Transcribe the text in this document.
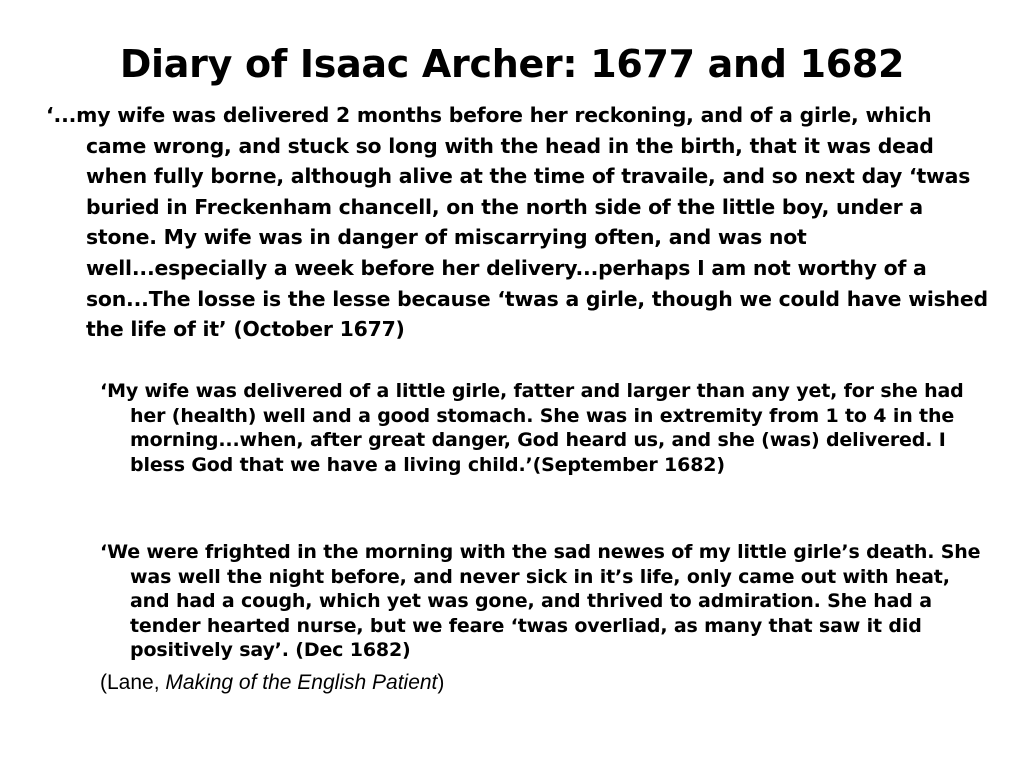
Diary of Isaac Archer: 1677 and 1682

‘...my wife was delivered 2 months before her reckoning, and of a girle, which came wrong, and stuck so long with the head in the birth, that it was dead when fully borne, although alive at the time of travaile, and so next day ‘twas buried in Freckenham chancell, on the north side of the little boy, under a stone. My wife was in danger of miscarrying often, and was not well...especially a week before her delivery...perhaps I am not worthy of a son...The losse is the lesse because ‘twas a girle, though we could have wished the life of it’ (October 1677)

‘My wife was delivered of a little girle, fatter and larger than any yet, for she had her (health) well and a good stomach. She was in extremity from 1 to 4 in the morning...when, after great danger, God heard us, and she (was) delivered. I bless God that we have a living child.’(September 1682)

‘We were frighted in the morning with the sad newes of my little girle’s death. She was well the night before, and never sick in it’s life, only came out with heat, and had a cough, which yet was gone, and thrived to admiration. She had a tender hearted nurse, but we feare ‘twas overliad, as many that saw it did positively say’. (Dec 1682)

(Lane, Making of the English Patient)
